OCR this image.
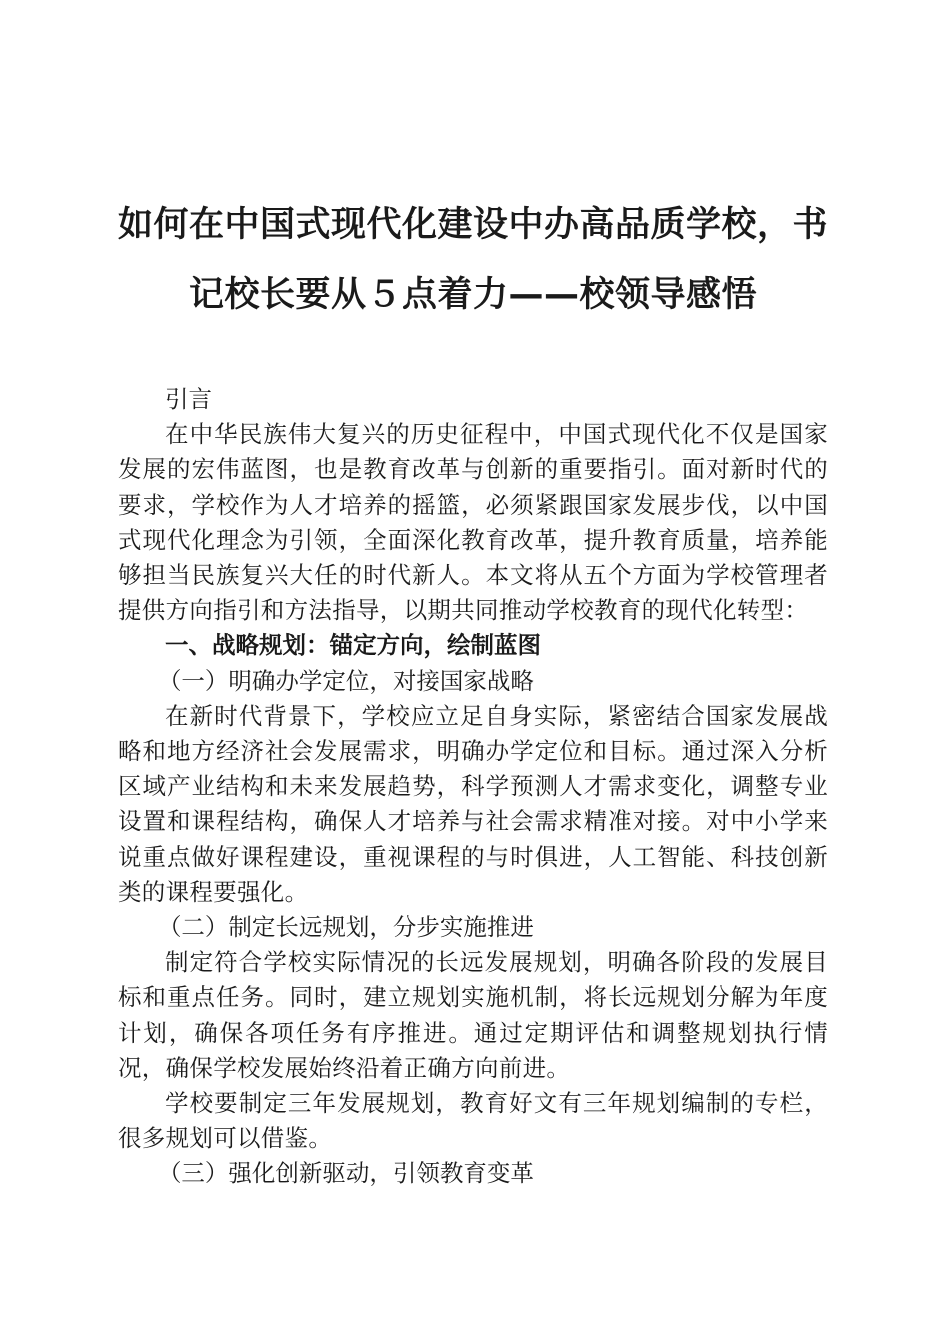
如何在中国式现代化建设中办高品质学校，书
记校长要从５点着力——校领导感悟

引言

在中华民族伟大复兴的历史征程中，中国式现代化不仅是国家发展的宏伟蓝图，也是教育改革与创新的重要指引。面对新时代的要求，学校作为人才培养的摇篮，必须紧跟国家发展步伐，以中国式现代化理念为引领，全面深化教育改革，提升教育质量，培养能够担当民族复兴大任的时代新人。本文将从五个方面为学校管理者提供方向指引和方法指导，以期共同推动学校教育的现代化转型：

一、战略规划：锚定方向，绘制蓝图

（一）明确办学定位，对接国家战略

在新时代背景下，学校应立足自身实际，紧密结合国家发展战略和地方经济社会发展需求，明确办学定位和目标。通过深入分析区域产业结构和未来发展趋势，科学预测人才需求变化，调整专业设置和课程结构，确保人才培养与社会需求精准对接。对中小学来说重点做好课程建设，重视课程的与时俱进，人工智能、科技创新类的课程要强化。

（二）制定长远规划，分步实施推进

制定符合学校实际情况的长远发展规划，明确各阶段的发展目标和重点任务。同时，建立规划实施机制，将长远规划分解为年度计划，确保各项任务有序推进。通过定期评估和调整规划执行情况，确保学校发展始终沿着正确方向前进。

学校要制定三年发展规划，教育好文有三年规划编制的专栏，很多规划可以借鉴。

（三）强化创新驱动，引领教育变革
